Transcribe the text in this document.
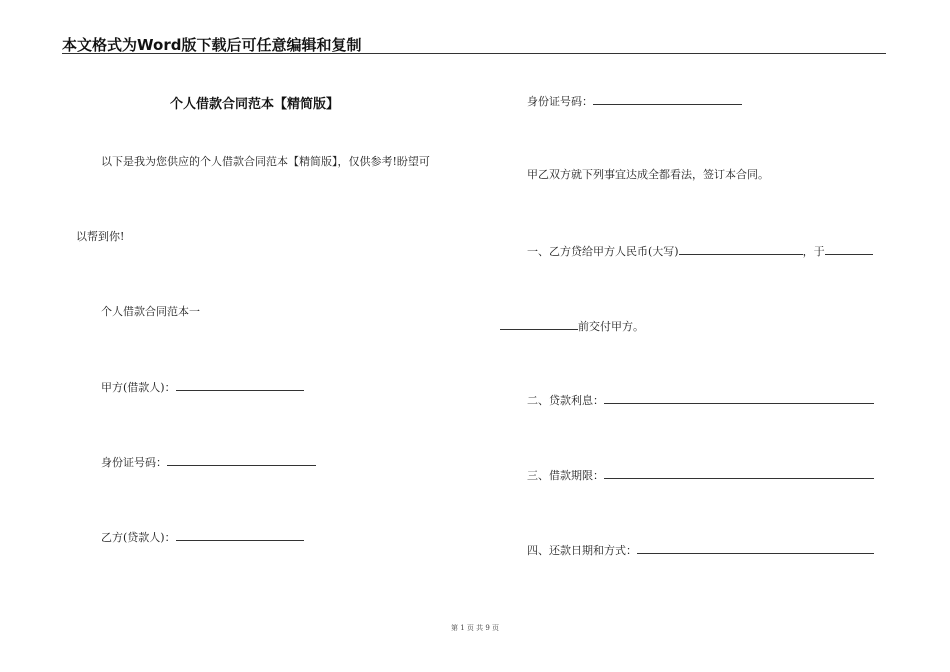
本文格式为Word版下载后可任意编辑和复制
个人借款合同范本【精简版】
以下是我为您供应的个人借款合同范本【精简版】，仅供参考!盼望可
以帮到你!
个人借款合同范本一
甲方(借款人)：
身份证号码：
乙方(贷款人)：
身份证号码：
甲乙双方就下列事宜达成全都看法，签订本合同。
一、乙方贷给甲方人民币(大写)	，于
前交付甲方。
二、贷款利息：
三、借款期限：
四、还款日期和方式：
第 1 页 共 9 页
